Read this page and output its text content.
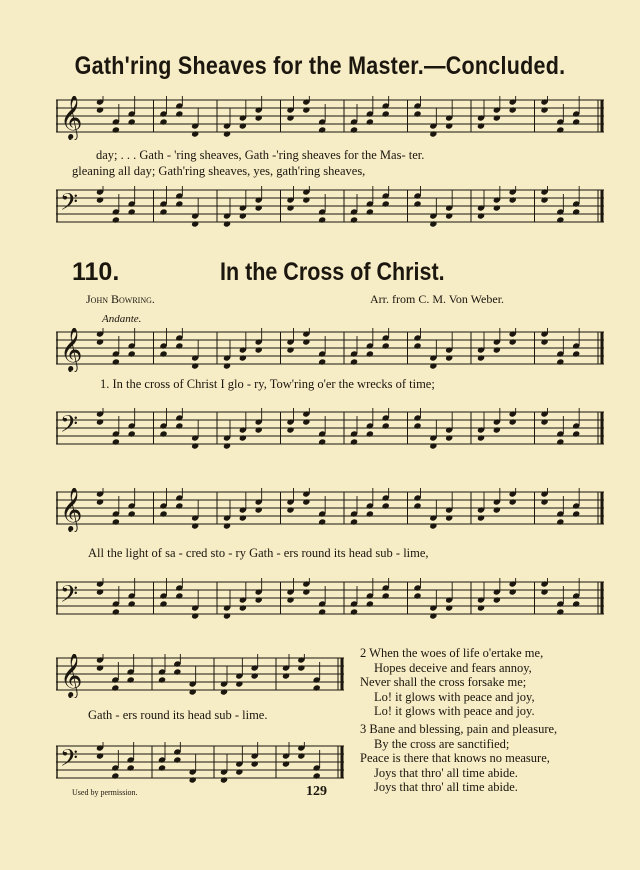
Gath'ring Sheaves for the Master.—Concluded.
110.	In the Cross of Christ.
John Bowring.	Arr. from C. M. Von Weber.
Andante.
𝄞
𝄢
𝄞
𝄢
𝄞
𝄢
𝄞
𝄢
day; . . . Gath - 'ring sheaves, Gath -'ring sheaves for the Mas- ter.
gleaning all day; Gath'ring sheaves, yes, gath'ring sheaves,
1. In the cross of Christ I glo - ry, Tow'ring o'er the wrecks of time;
All the light of sa - cred sto - ry Gath - ers round its head sub - lime,
Gath - ers round its head sub - lime.
2 When the woes of life o'ertake me,
Hopes deceive and fears annoy,
Never shall the cross forsake me;
Lo! it glows with peace and joy,
Lo! it glows with peace and joy.
3 Bane and blessing, pain and pleasure,
By the cross are sanctified;
Peace is there that knows no measure,
Joys that thro' all time abide.
Joys that thro' all time abide.
Used by permission.	129
